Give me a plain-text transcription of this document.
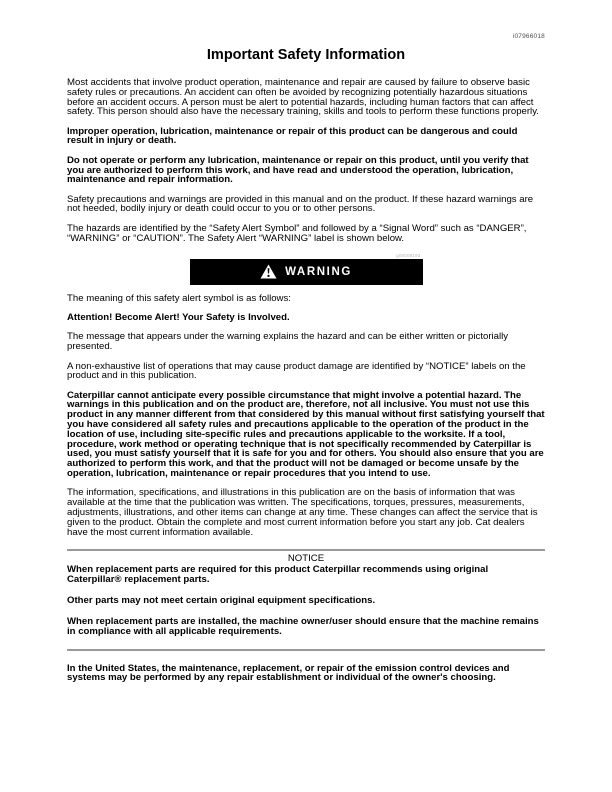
i07966018
Important Safety Information

Most accidents that involve product operation, maintenance and repair are caused by failure to observe basic safety rules or precautions. An accident can often be avoided by recognizing potentially hazardous situations before an accident occurs. A person must be alert to potential hazards, including human factors that can affect safety. This person should also have the necessary training, skills and tools to perform these functions properly.

Improper operation, lubrication, maintenance or repair of this product can be dangerous and could result in injury or death.

Do not operate or perform any lubrication, maintenance or repair on this product, until you verify that you are authorized to perform this work, and have read and understood the operation, lubrication, maintenance and repair information.

Safety precautions and warnings are provided in this manual and on the product. If these hazard warnings are not heeded, bodily injury or death could occur to you or to other persons.

The hazards are identified by the “Safety Alert Symbol” and followed by a “Signal Word” such as “DANGER”, “WARNING” or “CAUTION”. The Safety Alert “WARNING” label is shown below.

g00008193
WARNING

The meaning of this safety alert symbol is as follows:

Attention! Become Alert! Your Safety is Involved.

The message that appears under the warning explains the hazard and can be either written or pictorially presented.

A non-exhaustive list of operations that may cause product damage are identified by “NOTICE” labels on the product and in this publication.

Caterpillar cannot anticipate every possible circumstance that might involve a potential hazard. The warnings in this publication and on the product are, therefore, not all inclusive. You must not use this product in any manner different from that considered by this manual without first satisfying yourself that you have considered all safety rules and precautions applicable to the operation of the product in the location of use, including site-specific rules and precautions applicable to the worksite. If a tool, procedure, work method or operating technique that is not specifically recommended by Caterpillar is used, you must satisfy yourself that it is safe for you and for others. You should also ensure that you are authorized to perform this work, and that the product will not be damaged or become unsafe by the operation, lubrication, maintenance or repair procedures that you intend to use.

The information, specifications, and illustrations in this publication are on the basis of information that was available at the time that the publication was written. The specifications, torques, pressures, measurements, adjustments, illustrations, and other items can change at any time. These changes can affect the service that is given to the product. Obtain the complete and most current information before you start any job. Cat dealers have the most current information available.

NOTICE

When replacement parts are required for this product Caterpillar recommends using original Caterpillar® replacement parts.

Other parts may not meet certain original equipment specifications.

When replacement parts are installed, the machine owner/user should ensure that the machine remains in compliance with all applicable requirements.

In the United States, the maintenance, replacement, or repair of the emission control devices and systems may be performed by any repair establishment or individual of the owner's choosing.
